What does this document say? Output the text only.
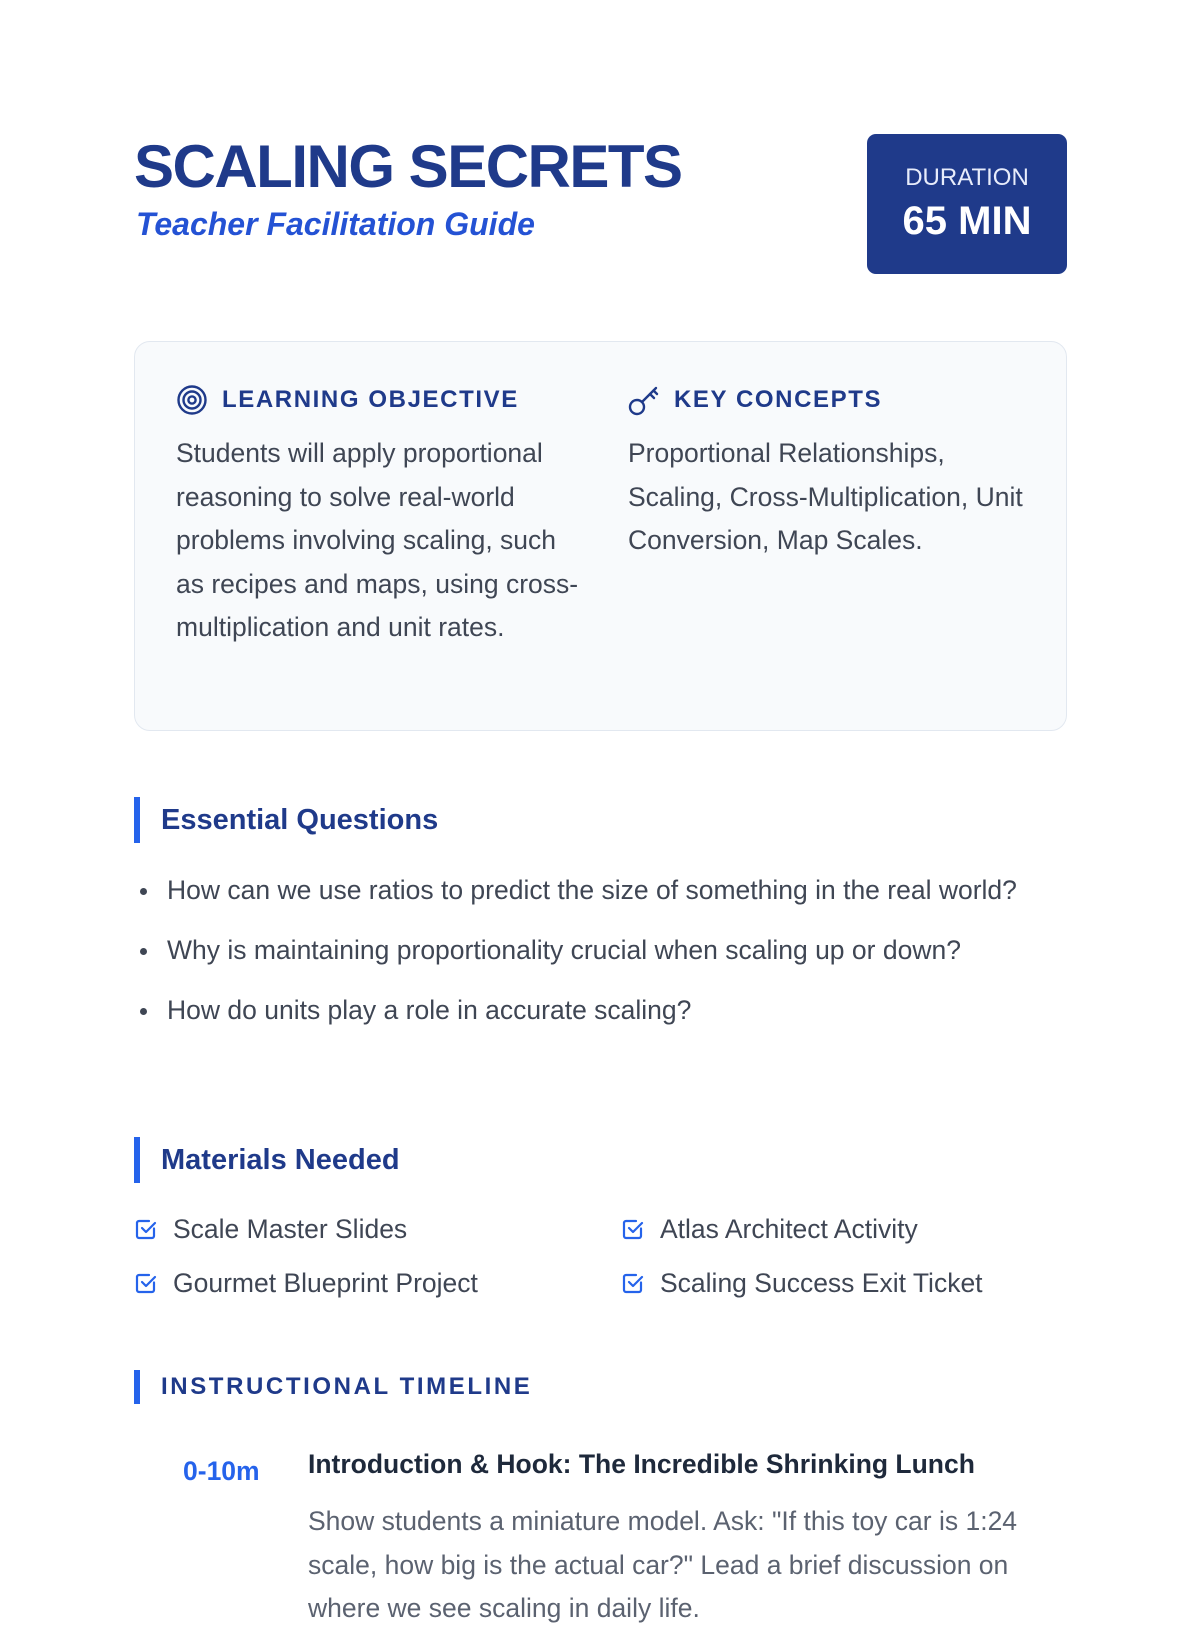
SCALING SECRETS
Teacher Facilitation Guide
DURATION
65 MIN
LEARNING OBJECTIVE
Students will apply proportional reasoning to solve real-world problems involving scaling, such as recipes and maps, using cross-multiplication and unit rates.
KEY CONCEPTS
Proportional Relationships, Scaling, Cross-Multiplication, Unit Conversion, Map Scales.
Essential Questions
How can we use ratios to predict the size of something in the real world?
Why is maintaining proportionality crucial when scaling up or down?
How do units play a role in accurate scaling?
Materials Needed
Scale Master Slides	Atlas Architect Activity
Gourmet Blueprint Project	Scaling Success Exit Ticket
INSTRUCTIONAL TIMELINE
0-10m Introduction & Hook: The Incredible Shrinking Lunch
Show students a miniature model. Ask: "If this toy car is 1:24 scale, how big is the actual car?" Lead a brief discussion on where we see scaling in daily life.
